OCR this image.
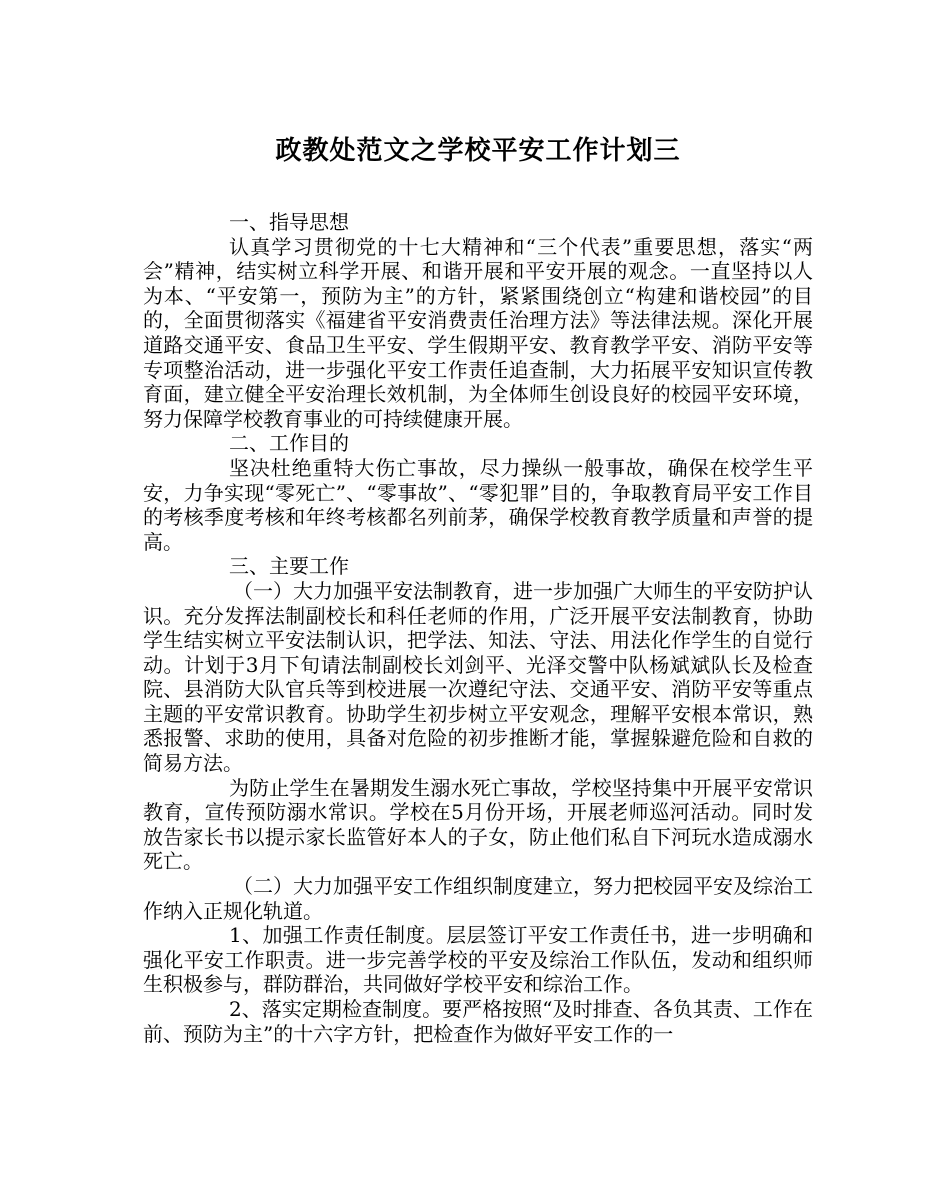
政教处范文之学校平安工作计划三

一、指导思想

认真学习贯彻党的十七大精神和“三个代表”重要思想，落实“两会”精神，结实树立科学开展、和谐开展和平安开展的观念。一直坚持以人为本、“平安第一，预防为主”的方针，紧紧围绕创立“构建和谐校园”的目的，全面贯彻落实《福建省平安消费责任治理方法》等法律法规。深化开展道路交通平安、食品卫生平安、学生假期平安、教育教学平安、消防平安等专项整治活动，进一步强化平安工作责任追查制，大力拓展平安知识宣传教育面，建立健全平安治理长效机制，为全体师生创设良好的校园平安环境，努力保障学校教育事业的可持续健康开展。

二、工作目的

坚决杜绝重特大伤亡事故，尽力操纵一般事故，确保在校学生平安，力争实现“零死亡”、“零事故”、“零犯罪”目的，争取教育局平安工作目的考核季度考核和年终考核都名列前茅，确保学校教育教学质量和声誉的提高。

三、主要工作

（一）大力加强平安法制教育，进一步加强广大师生的平安防护认识。充分发挥法制副校长和科任老师的作用，广泛开展平安法制教育，协助学生结实树立平安法制认识，把学法、知法、守法、用法化作学生的自觉行动。计划于3月下旬请法制副校长刘剑平、光泽交警中队杨斌斌队长及检查院、县消防大队官兵等到校进展一次遵纪守法、交通平安、消防平安等重点主题的平安常识教育。协助学生初步树立平安观念，理解平安根本常识，熟悉报警、求助的使用，具备对危险的初步推断才能，掌握躲避危险和自救的简易方法。

为防止学生在暑期发生溺水死亡事故，学校坚持集中开展平安常识教育，宣传预防溺水常识。学校在5月份开场，开展老师巡河活动。同时发放告家长书以提示家长监管好本人的子女，防止他们私自下河玩水造成溺水死亡。

（二）大力加强平安工作组织制度建立，努力把校园平安及综治工作纳入正规化轨道。

1、加强工作责任制度。层层签订平安工作责任书，进一步明确和强化平安工作职责。进一步完善学校的平安及综治工作队伍，发动和组织师生积极参与，群防群治，共同做好学校平安和综治工作。

2、落实定期检查制度。要严格按照“及时排查、各负其责、工作在前、预防为主”的十六字方针，把检查作为做好平安工作的一
